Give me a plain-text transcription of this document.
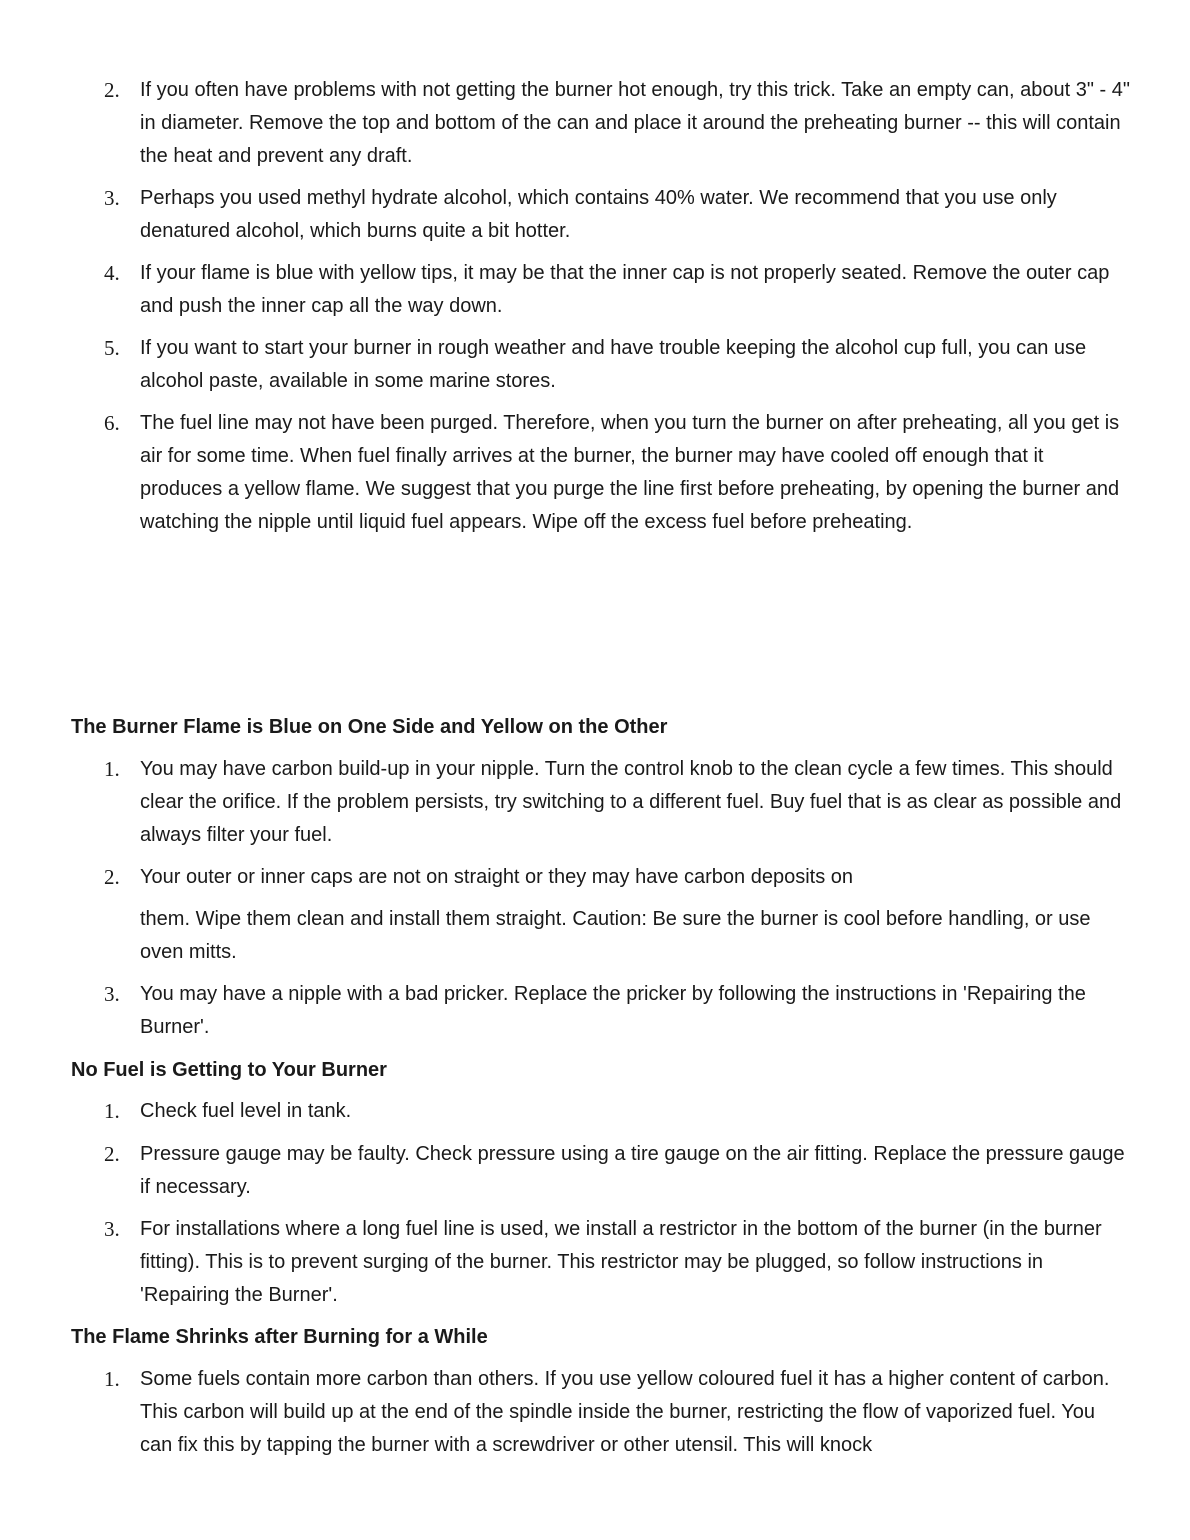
2.	If you often have problems with not getting the burner hot enough, try this trick. Take an empty can, about 3" - 4" in diameter. Remove the top and bottom of the can and place it around the preheating burner -- this will contain the heat and prevent any draft.
3.	Perhaps you used methyl hydrate alcohol, which contains 40% water. We recommend that you use only denatured alcohol, which burns quite a bit hotter.
4.	If your flame is blue with yellow tips, it may be that the inner cap is not properly seated. Remove the outer cap and push the inner cap all the way down.
5.	If you want to start your burner in rough weather and have trouble keeping the alcohol cup full, you can use alcohol paste, available in some marine stores.
6.	The fuel line may not have been purged. Therefore, when you turn the burner on after preheating, all you get is air for some time. When fuel finally arrives at the burner, the burner may have cooled off enough that it produces a yellow flame. We suggest that you purge the line first before preheating, by opening the burner and watching the nipple until liquid fuel appears. Wipe off the excess fuel before preheating.
The Burner Flame is Blue on One Side and Yellow on the Other
1.	You may have carbon build-up in your nipple. Turn the control knob to the clean cycle a few times. This should clear the orifice. If the problem persists, try switching to a different fuel. Buy fuel that is as clear as possible and always filter your fuel.
2.	Your outer or inner caps are not on straight or they may have carbon deposits on

them. Wipe them clean and install them straight. Caution: Be sure the burner is cool before handling, or use oven mitts.

3.	You may have a nipple with a bad pricker. Replace the pricker by following the instructions in 'Repairing the Burner'.
No Fuel is Getting to Your Burner
1.	Check fuel level in tank.
2.	Pressure gauge may be faulty. Check pressure using a tire gauge on the air fitting. Replace the pressure gauge if necessary.
3.	For installations where a long fuel line is used, we install a restrictor in the bottom of the burner (in the burner fitting). This is to prevent surging of the burner. This restrictor may be plugged, so follow instructions in 'Repairing the Burner'.
The Flame Shrinks after Burning for a While
1.	Some fuels contain more carbon than others. If you use yellow coloured fuel it has a higher content of carbon. This carbon will build up at the end of the spindle inside the burner, restricting the flow of vaporized fuel. You can fix this by tapping the burner with a screwdriver or other utensil. This will knock
